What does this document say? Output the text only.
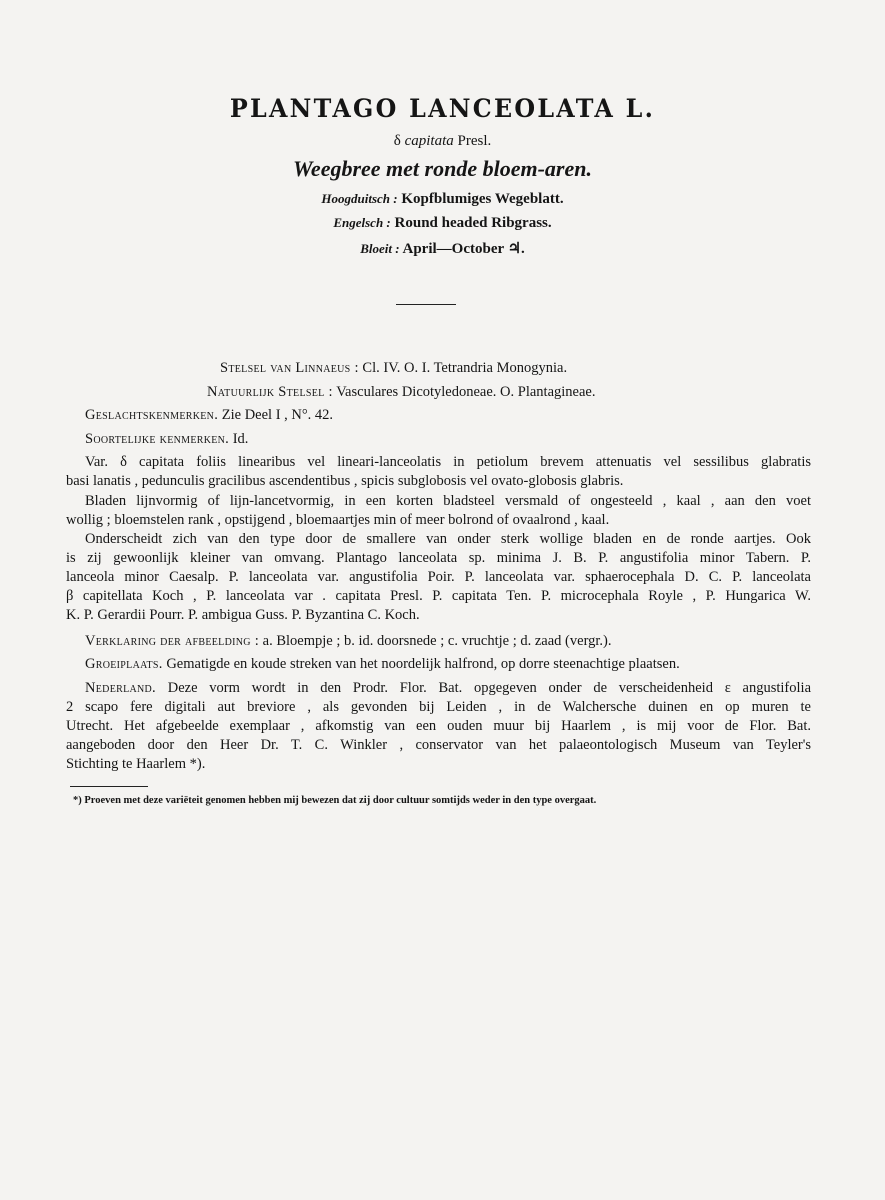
PLANTAGO LANCEOLATA L.
δ capitata Presl.
Weegbree met ronde bloem-aren.
Hoogduitsch : Kopfblumiges Wegeblatt.
Engelsch : Round headed Ribgrass.
Bloeit : April—October ♃.
Stelsel van Linnaeus : Cl. IV. O. I. Tetrandria Monogynia.
Natuurlijk Stelsel : Vasculares Dicotyledoneae. O. Plantagineae.
Geslachtskenmerken. Zie Deel I , N°. 42.
Soortelijke kenmerken. Id.
Var. δ capitata foliis linearibus vel lineari-lanceolatis in petiolum brevem attenuatis vel sessilibus glabratis
basi lanatis , pedunculis gracilibus ascendentibus , spicis subglobosis vel ovato-globosis glabris.
Bladen lijnvormig of lijn-lancetvormig, in een korten bladsteel versmald of ongesteeld , kaal , aan den voet
wollig ; bloemstelen rank , opstijgend , bloemaartjes min of meer bolrond of ovaalrond , kaal.
Onderscheidt zich van den type door de smallere van onder sterk wollige bladen en de ronde aartjes. Ook
is zij gewoonlijk kleiner van omvang. Plantago lanceolata sp. minima J. B. P. angustifolia minor Tabern. P.
lanceola minor Caesalp. P. lanceolata var. angustifolia Poir. P. lanceolata var. sphaerocephala D. C. P. lanceolata
β capitellata Koch , P. lanceolata var . capitata Presl. P. capitata Ten. P. microcephala Royle , P. Hungarica W.
K. P. Gerardii Pourr. P. ambigua Guss. P. Byzantina C. Koch.
Verklaring der afbeelding : a. Bloempje ; b. id. doorsnede ; c. vruchtje ; d. zaad (vergr.).
Groeiplaats. Gematigde en koude streken van het noordelijk halfrond, op dorre steenachtige plaatsen.
Nederland. Deze vorm wordt in den Prodr. Flor. Bat. opgegeven onder de verscheidenheid ε angustifolia
2 scapo fere digitali aut breviore , als gevonden bij Leiden , in de Walchersche duinen en op muren te
Utrecht. Het afgebeelde exemplaar , afkomstig van een ouden muur bij Haarlem , is mij voor de Flor. Bat.
aangeboden door den Heer Dr. T. C. Winkler , conservator van het palaeontologisch Museum van Teyler's
Stichting te Haarlem *).
*) Proeven met deze variëteit genomen hebben mij bewezen dat zij door cultuur somtijds weder in den type overgaat.
